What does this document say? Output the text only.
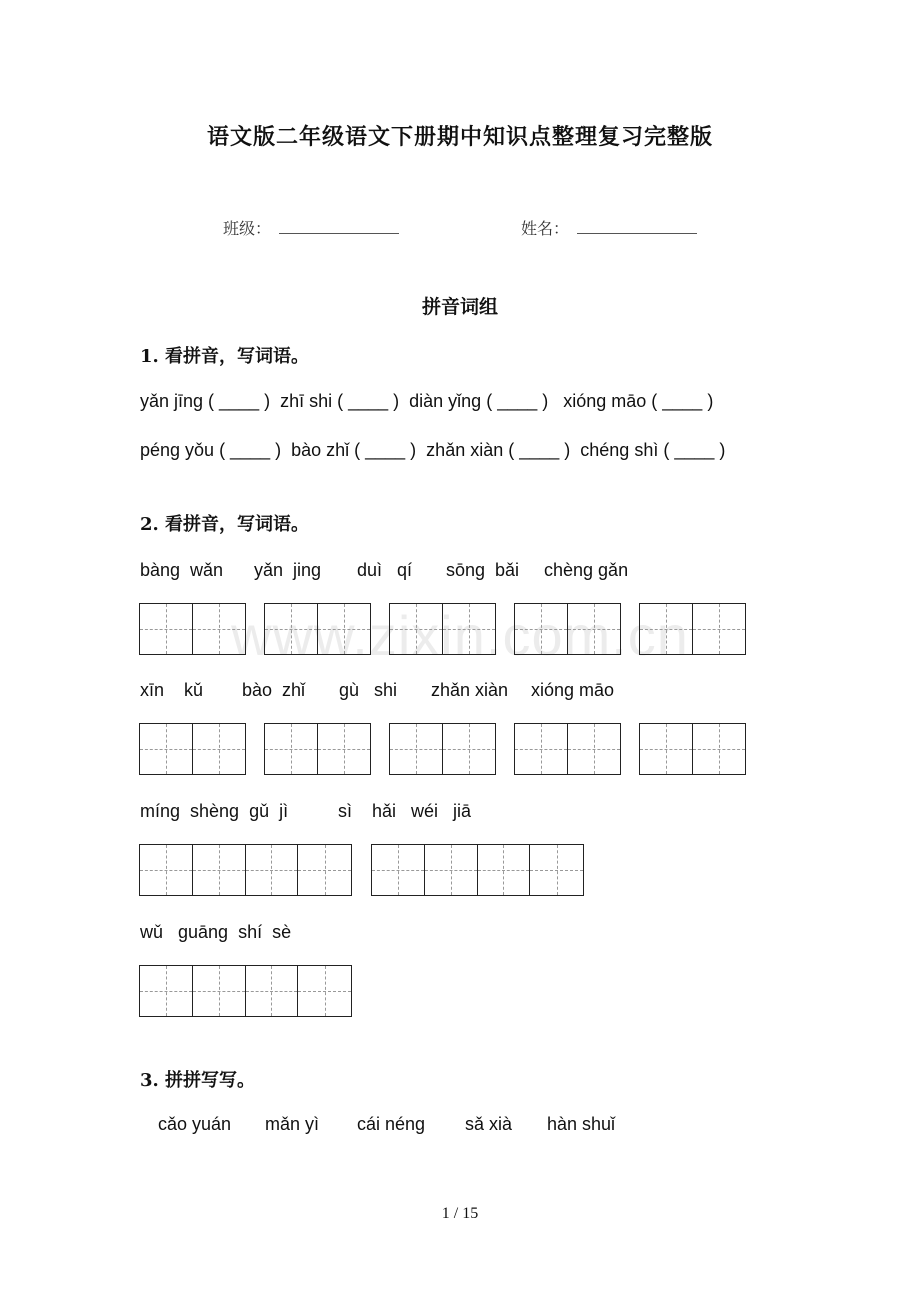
语文版二年级语文下册期中知识点整理复习完整版
班级：	姓名：
拼音词组
1. 看拼音，写词语。
yǎn jīng ( ____ )  zhī shi ( ____ )  diàn yǐng ( ____ )   xióng māo ( ____ )
péng yǒu ( ____ )  bào zhǐ ( ____ )  zhǎn xiàn ( ____ )  chéng shì ( ____ )
2. 看拼音，写词语。
www.zixin.com.cn
bàng  wǎn yǎn  jing duì   qí sōng  bǎi chèng gǎn
xīn    kǔ bào  zhǐ gù   shi zhǎn xiàn xióng māo
míng  shèng  gǔ  jì	sì    hǎi   wéi   jiā
wǔ   guāng  shí  sè
3. 拼拼写写。
cǎo yuán mǎn yì cái néng sǎ xià hàn shuǐ
1 / 15
